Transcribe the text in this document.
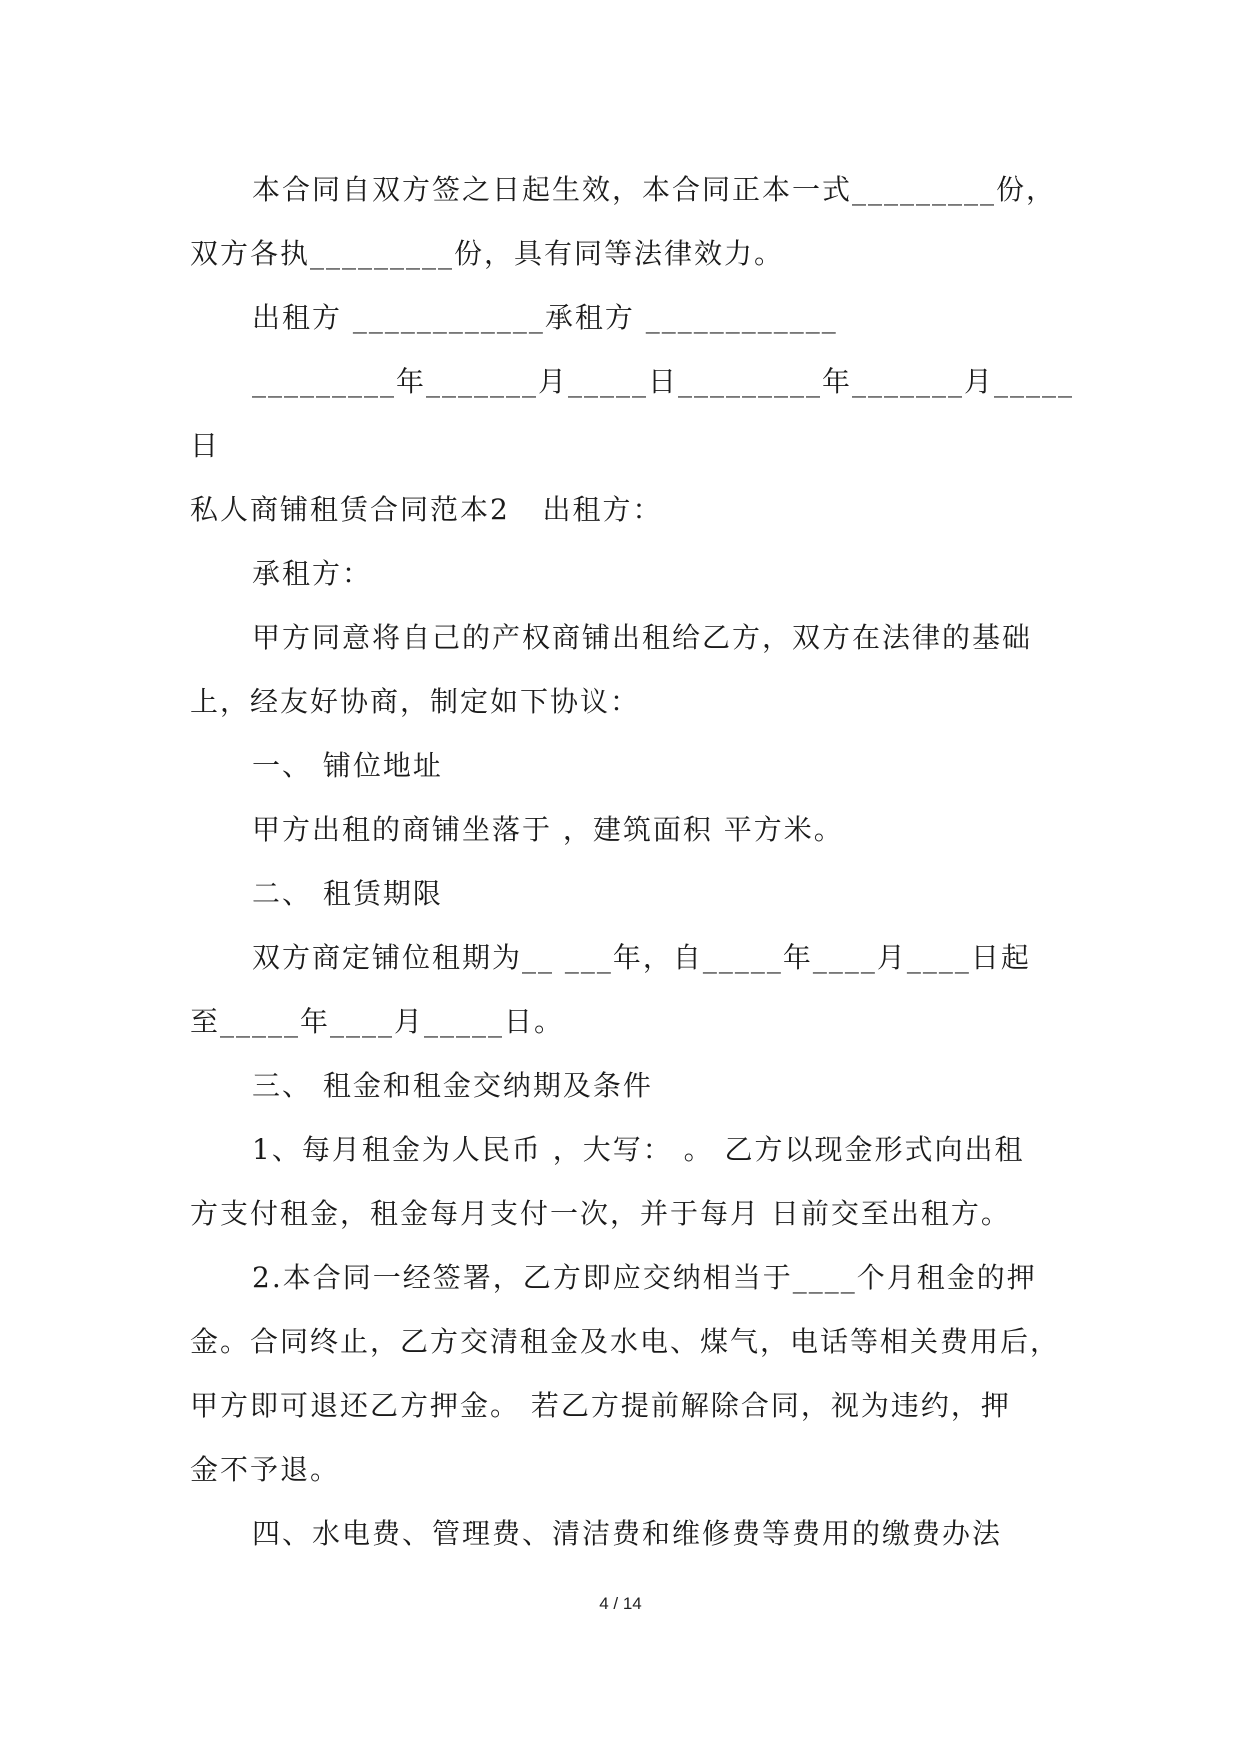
本合同自双方签之日起生效，本合同正本一式_________份，
双方各执_________份，具有同等法律效力。
出租方 ____________承租方 ____________
_________年_______月_____日_________年_______月_____
日
私人商铺租赁合同范本2   出租方：
承租方：
甲方同意将自己的产权商铺出租给乙方，双方在法律的基础
上，经友好协商，制定如下协议：
一、 铺位地址
甲方出租的商铺坐落于 ，建筑面积 平方米。
二、 租赁期限
双方商定铺位租期为__ ___年，自_____年____月____日起
至_____年____月_____日。
三、 租金和租金交纳期及条件
1、每月租金为人民币 ，大写： 。 乙方以现金形式向出租
方支付租金，租金每月支付一次，并于每月 日前交至出租方。
2.本合同一经签署，乙方即应交纳相当于____个月租金的押
金。合同终止，乙方交清租金及水电、煤气，电话等相关费用后，
甲方即可退还乙方押金。 若乙方提前解除合同，视为违约，押
金不予退。
四、水电费、管理费、清洁费和维修费等费用的缴费办法
4 / 14
